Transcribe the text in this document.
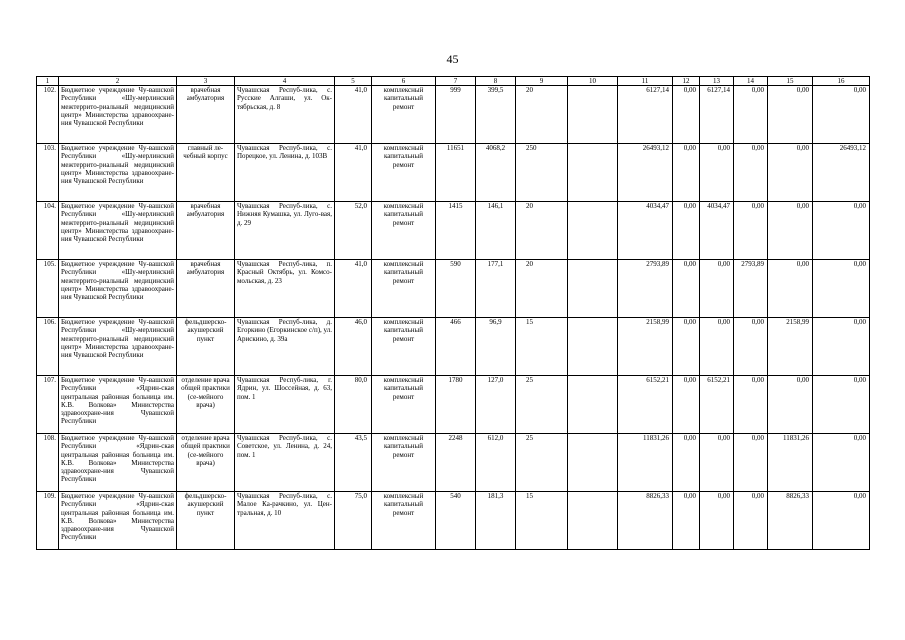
45
1	2	3	4	5	6	7	8	9	10	11	12	13	14	15	16
102.	Бюджетное учреждение Чу-вашской Республики «Шу-мерлинский межтеррито-риальный медицинский центр» Министерства здравоохране-ния Чувашской Республики	врачебная амбулатория	Чувашская Респуб-лика, с. Русские Алгаши, ул. Ок-тябрьская, д. 8	41,0	комплексный капитальный ремонт	999	399,5	20		6127,14	0,00	6127,14	0,00	0,00	0,00
103.	Бюджетное учреждение Чу-вашской Республики «Шу-мерлинский межтеррито-риальный медицинский центр» Министерства здравоохране-ния Чувашской Республики	главный ле-чебный корпус	Чувашская Респуб-лика, с. Порецкое, ул. Ленина, д. 103В	41,0	комплексный капитальный ремонт	11651	4068,2	250		26493,12	0,00	0,00	0,00	0,00	26493,12
104.	Бюджетное учреждение Чу-вашской Республики «Шу-мерлинский межтеррито-риальный медицинский центр» Министерства здравоохране-ния Чувашской Республики	врачебная амбулатория	Чувашская Респуб-лика, с. Нижняя Кумашка, ул. Луго-вая, д. 29	52,0	комплексный капитальный ремонт	1415	146,1	20		4034,47	0,00	4034,47	0,00	0,00	0,00
105.	Бюджетное учреждение Чу-вашской Республики «Шу-мерлинский межтеррито-риальный медицинский центр» Министерства здравоохране-ния Чувашской Республики	врачебная амбулатория	Чувашская Респуб-лика, п. Красный Октябрь, ул. Комсо-мольская, д. 23	41,0	комплексный капитальный ремонт	590	177,1	20		2793,89	0,00	0,00	2793,89	0,00	0,00
106.	Бюджетное учреждение Чу-вашской Республики «Шу-мерлинский межтеррито-риальный медицинский центр» Министерства здравоохране-ния Чувашской Республики	фельдшерско-акушерский пункт	Чувашская Респуб-лика, д. Егоркино (Егоркинское с/п), ул. Арискино, д. 39а	46,0	комплексный капитальный ремонт	466	96,9	15		2158,99	0,00	0,00	0,00	2158,99	0,00
107.	Бюджетное учреждение Чу-вашской Республики «Ядрин-ская центральная районная больница им. К.В. Волкова» Министерства здравоохране-ния Чувашской Республики	отделение врача общей практики (се-мейного врача)	Чувашская Респуб-лика, г. Ядрин, ул. Шоссейная, д. 63, пом. 1	80,0	комплексный капитальный ремонт	1780	127,0	25		6152,21	0,00	6152,21	0,00	0,00	0,00
108.	Бюджетное учреждение Чу-вашской Республики «Ядрин-ская центральная районная больница им. К.В. Волкова» Министерства здравоохране-ния Чувашской Республики	отделение врача общей практики (се-мейного врача)	Чувашская Респуб-лика, с. Советское, ул. Ленина, д. 24, пом. 1	43,5	комплексный капитальный ремонт	2248	612,0	25		11831,26	0,00	0,00	0,00	11831,26	0,00
109.	Бюджетное учреждение Чу-вашской Республики «Ядрин-ская центральная районная больница им. К.В. Волкова» Министерства здравоохране-ния Чувашской Республики	фельдшерско-акушерский пункт	Чувашская Респуб-лика, с. Малое Ка-рачкино, ул. Цен-тральная, д. 10	75,0	комплексный капитальный ремонт	540	181,3	15		8826,33	0,00	0,00	0,00	8826,33	0,00
